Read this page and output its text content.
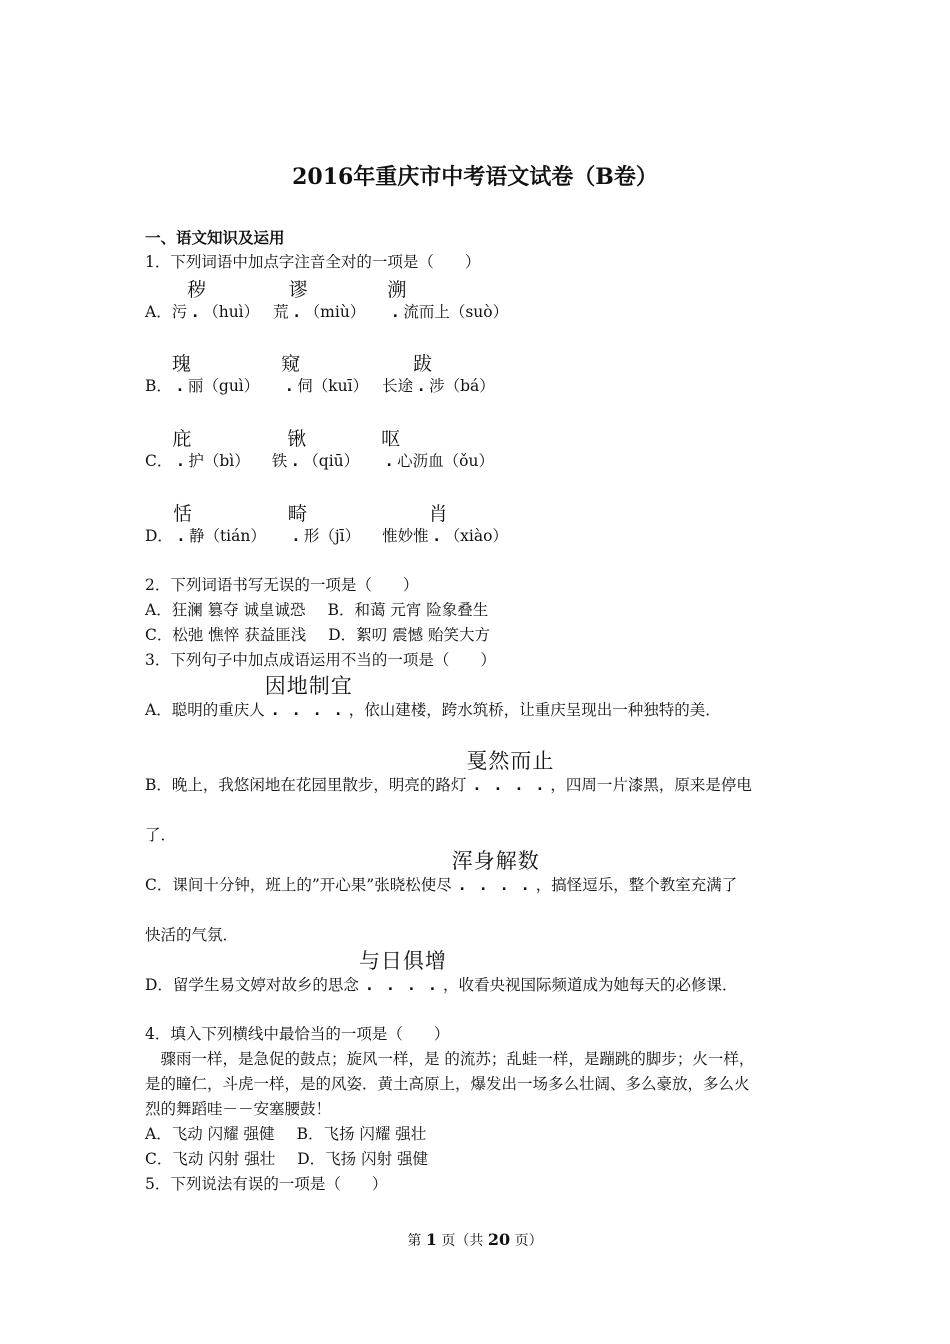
2016年重庆市中考语文试卷（B卷）
一、语文知识及运用
1．下列词语中加点字注音全对的一项是（　　）
A．污
秽
. （huì） 荒
谬
. （miù）
溯
. 流而上（suò）
B．
瑰
. 丽（guì）
窥
. 伺（kuī） 长途
跋
. 涉（bá）
C．
庇
. 护（bì） 铁
锹
. （qiū）
呕
. 心沥血（ǒu）
D．
恬
. 静（tián）
畸
. 形（jī） 惟妙惟
肖
. （xiào）
2．下列词语书写无误的一项是（　　）
A．狂澜 篡夺 诚皇诚恐 B．和蔼 元宵 险象叠生
C．松弛 憔悴 获益匪浅 D．絮叨 震憾 贻笑大方
3．下列句子中加点成语运用不当的一项是（　　）
A．聪明的重庆人
因地制宜
. . . . ，依山建楼，跨水筑桥，让重庆呈现出一种独特的美．
B．晚上，我悠闲地在花园里散步，明亮的路灯
戛然而止
. . . . ，四周一片漆黑，原来是停电
了．
C．课间十分钟，班上的”开心果”张晓松使尽
浑身解数
. . . . ，搞怪逗乐，整个教室充满了
快活的气氛．
D．留学生易文婷对故乡的思念
与日俱增
. . . . ，收看央视国际频道成为她每天的必修课．
4．填入下列横线中最恰当的一项是（　　）
　骤雨一样，是急促的鼓点；旋风一样，是 的流苏；乱蛙一样，是蹦跳的脚步；火一样，
是的瞳仁，斗虎一样，是的风姿．黄土高原上，爆发出一场多么壮阔、多么豪放，多么火
烈的舞蹈哇－－安塞腰鼓！
A．飞动 闪耀 强健 B．飞扬 闪耀 强壮
C．飞动 闪射 强壮 D．飞扬 闪射 强健
5．下列说法有误的一项是（　　）
第 1 页（共 20 页）
